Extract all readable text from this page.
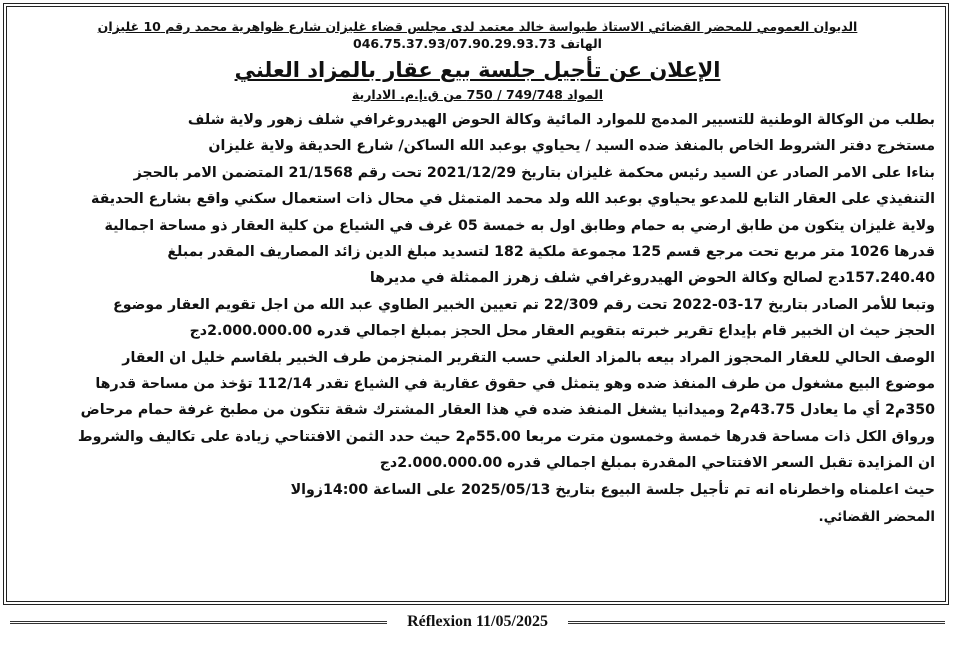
الديوان العمومي للمحضر القضائي الاستاذ طيواسة خالد معتمد لدى مجلس قضاء غليزان شارع ظواهرية محمد رقم 10 غليزان

الهاتف 046.75.37.93/07.90.29.93.73

الإعلان عن تأجيل جلسة بيع عقار بالمزاد العلني

المواد 749/748 / 750 من ق.إ.م. الادارية

بطلب من الوكالة الوطنية للتسيير المدمج للموارد المائية وكالة الحوض الهيدروغرافي شلف زهور ولاية شلف

مستخرج دفتر الشروط الخاص بالمنفذ ضده السيد / يحياوي بوعبد الله الساكن/ شارع الحديقة ولاية غليزان

بناءا على الامر الصادر عن السيد رئيس محكمة غليزان بتاريخ 2021/12/29 تحت رقم 21/1568 المتضمن الامر بالحجز

التنفيذي على العقار التابع للمدعو يحياوي بوعبد الله ولد محمد المتمثل في محال ذات استعمال سكني واقع بشارع الحديقة

ولاية غليزان يتكون من طابق ارضي به حمام وطابق اول به خمسة 05 غرف في الشياع من كلية العقار ذو مساحة اجمالية

قدرها 1026 متر مربع تحت مرجع قسم 125 مجموعة ملكية 182 لتسديد مبلغ الدين زائد المصاريف المقدر بمبلغ

157.240.40دج لصالح وكالة الحوض الهيدروغرافي شلف زهرز الممثلة في مديرها

وتبعا للأمر الصادر بتاريخ 17-03-2022 تحت رقم 22/309 تم تعيين الخبير الطاوي عبد الله من اجل تقويم العقار موضوع

الحجز حيث ان الخبير قام بإيداع تقرير خبرته بتقويم العقار محل الحجز بمبلغ اجمالي قدره 2.000.000.00دج

الوصف الحالي للعقار المحجوز المراد بيعه بالمزاد العلني حسب التقرير المنجزمن طرف الخبير بلقاسم خليل ان العقار

موضوع البيع مشغول من طرف المنفذ ضده وهو يتمثل في حقوق عقارية في الشياع تقدر 112/14 تؤخذ من مساحة قدرها

350م2 أي ما يعادل 43.75م2 وميدانيا يشغل المنفذ ضده في هذا العقار المشترك شقة تتكون من مطبخ غرفة حمام مرحاض

ورواق الكل ذات مساحة قدرها خمسة وخمسون مترت مربعا 55.00م2 حيث حدد الثمن الافتتاحي زيادة على تكاليف والشروط

ان المزايدة تقبل السعر الافتتاحي المقدرة بمبلغ اجمالي قدره 2.000.000.00دج

حيث اعلمناه واخطرناه انه تم تأجيل جلسة البيوع بتاريخ 2025/05/13 على الساعة 14:00زوالا

المحضر القضائي.

Réflexion 11/05/2025
